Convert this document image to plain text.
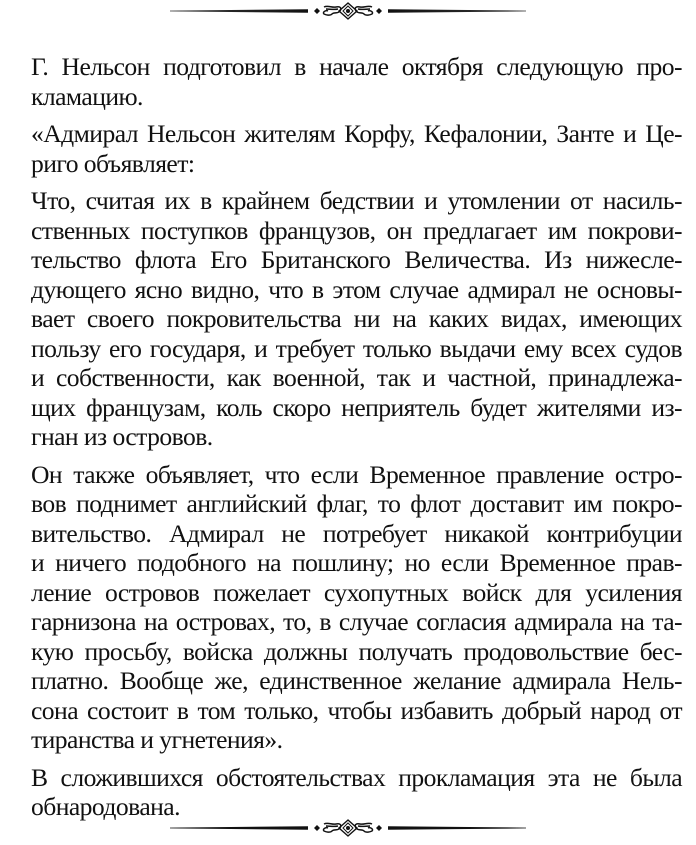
Г. Нельсон подготовил в начале октября следующую про-
кламацию.

«Адмирал Нельсон жителям Корфу, Кефалонии, Занте и Це-
риго объявляет:

Что, считая их в крайнем бедствии и утомлении от насиль-
ственных поступков французов, он предлагает им покрови-
тельство флота Его Британского Величества. Из нижесле-
дующего ясно видно, что в этом случае адмирал не основы-
вает своего покровительства ни на каких видах, имеющих
пользу его государя, и требует только выдачи ему всех судов
и собственности, как военной, так и частной, принадлежа-
щих французам, коль скоро неприятель будет жителями из-
гнан из островов.

Он также объявляет, что если Временное правление остро-
вов поднимет английский флаг, то флот доставит им покро-
вительство. Адмирал не потребует никакой контрибуции
и ничего подобного на пошлину; но если Временное прав-
ление островов пожелает сухопутных войск для усиления
гарнизона на островах, то, в случае согласия адмирала на та-
кую просьбу, войска должны получать продовольствие бес-
платно. Вообще же, единственное желание адмирала Нель-
сона состоит в том только, чтобы избавить добрый народ от
тиранства и угнетения».

В сложившихся обстоятельствах прокламация эта не была
обнародована.
